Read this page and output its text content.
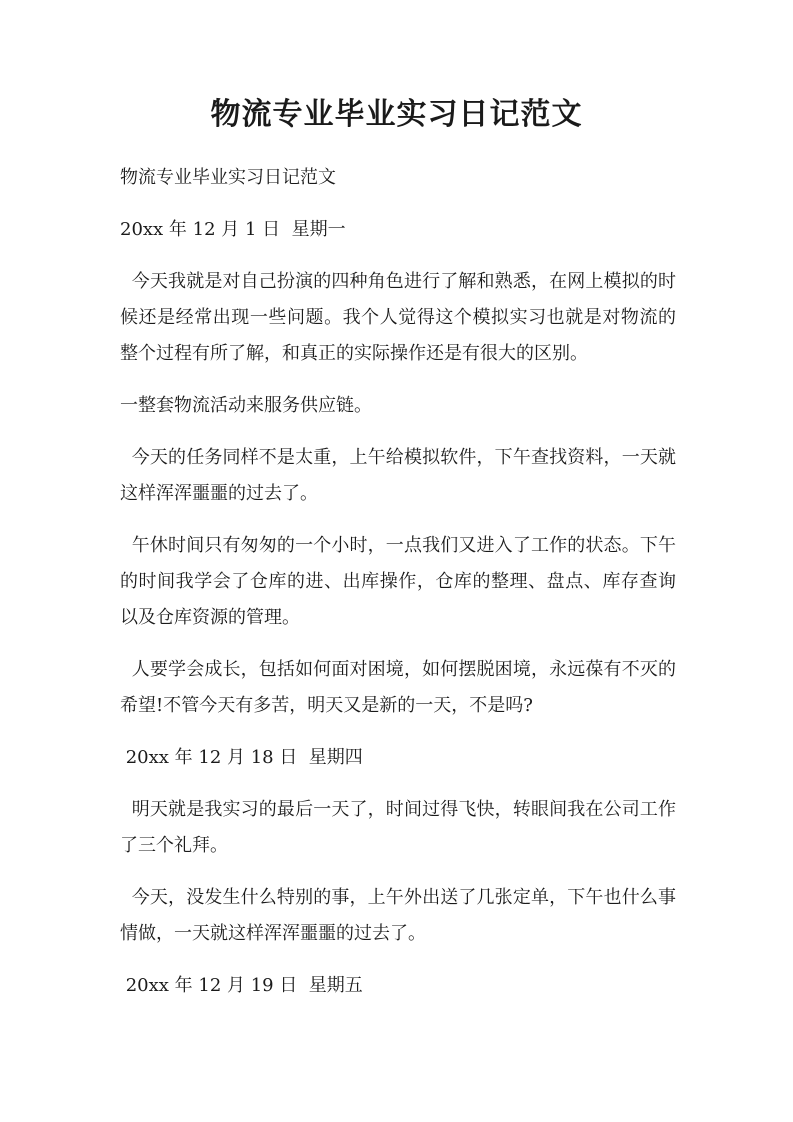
物流专业毕业实习日记范文

物流专业毕业实习日记范文

20xx 年 12 月 1 日  星期一

今天我就是对自己扮演的四种角色进行了解和熟悉，在网上模拟的时候还是经常出现一些问题。我个人觉得这个模拟实习也就是对物流的整个过程有所了解，和真正的实际操作还是有很大的区别。

一整套物流活动来服务供应链。

今天的任务同样不是太重，上午给模拟软件，下午查找资料，一天就这样浑浑噩噩的过去了。

午休时间只有匆匆的一个小时，一点我们又进入了工作的状态。下午的时间我学会了仓库的进、出库操作，仓库的整理、盘点、库存查询以及仓库资源的管理。

人要学会成长，包括如何面对困境，如何摆脱困境，永远葆有不灭的希望!不管今天有多苦，明天又是新的一天，不是吗?

20xx 年 12 月 18 日  星期四

明天就是我实习的最后一天了，时间过得飞快，转眼间我在公司工作了三个礼拜。

今天，没发生什么特别的事，上午外出送了几张定单，下午也什么事情做，一天就这样浑浑噩噩的过去了。

20xx 年 12 月 19 日  星期五
